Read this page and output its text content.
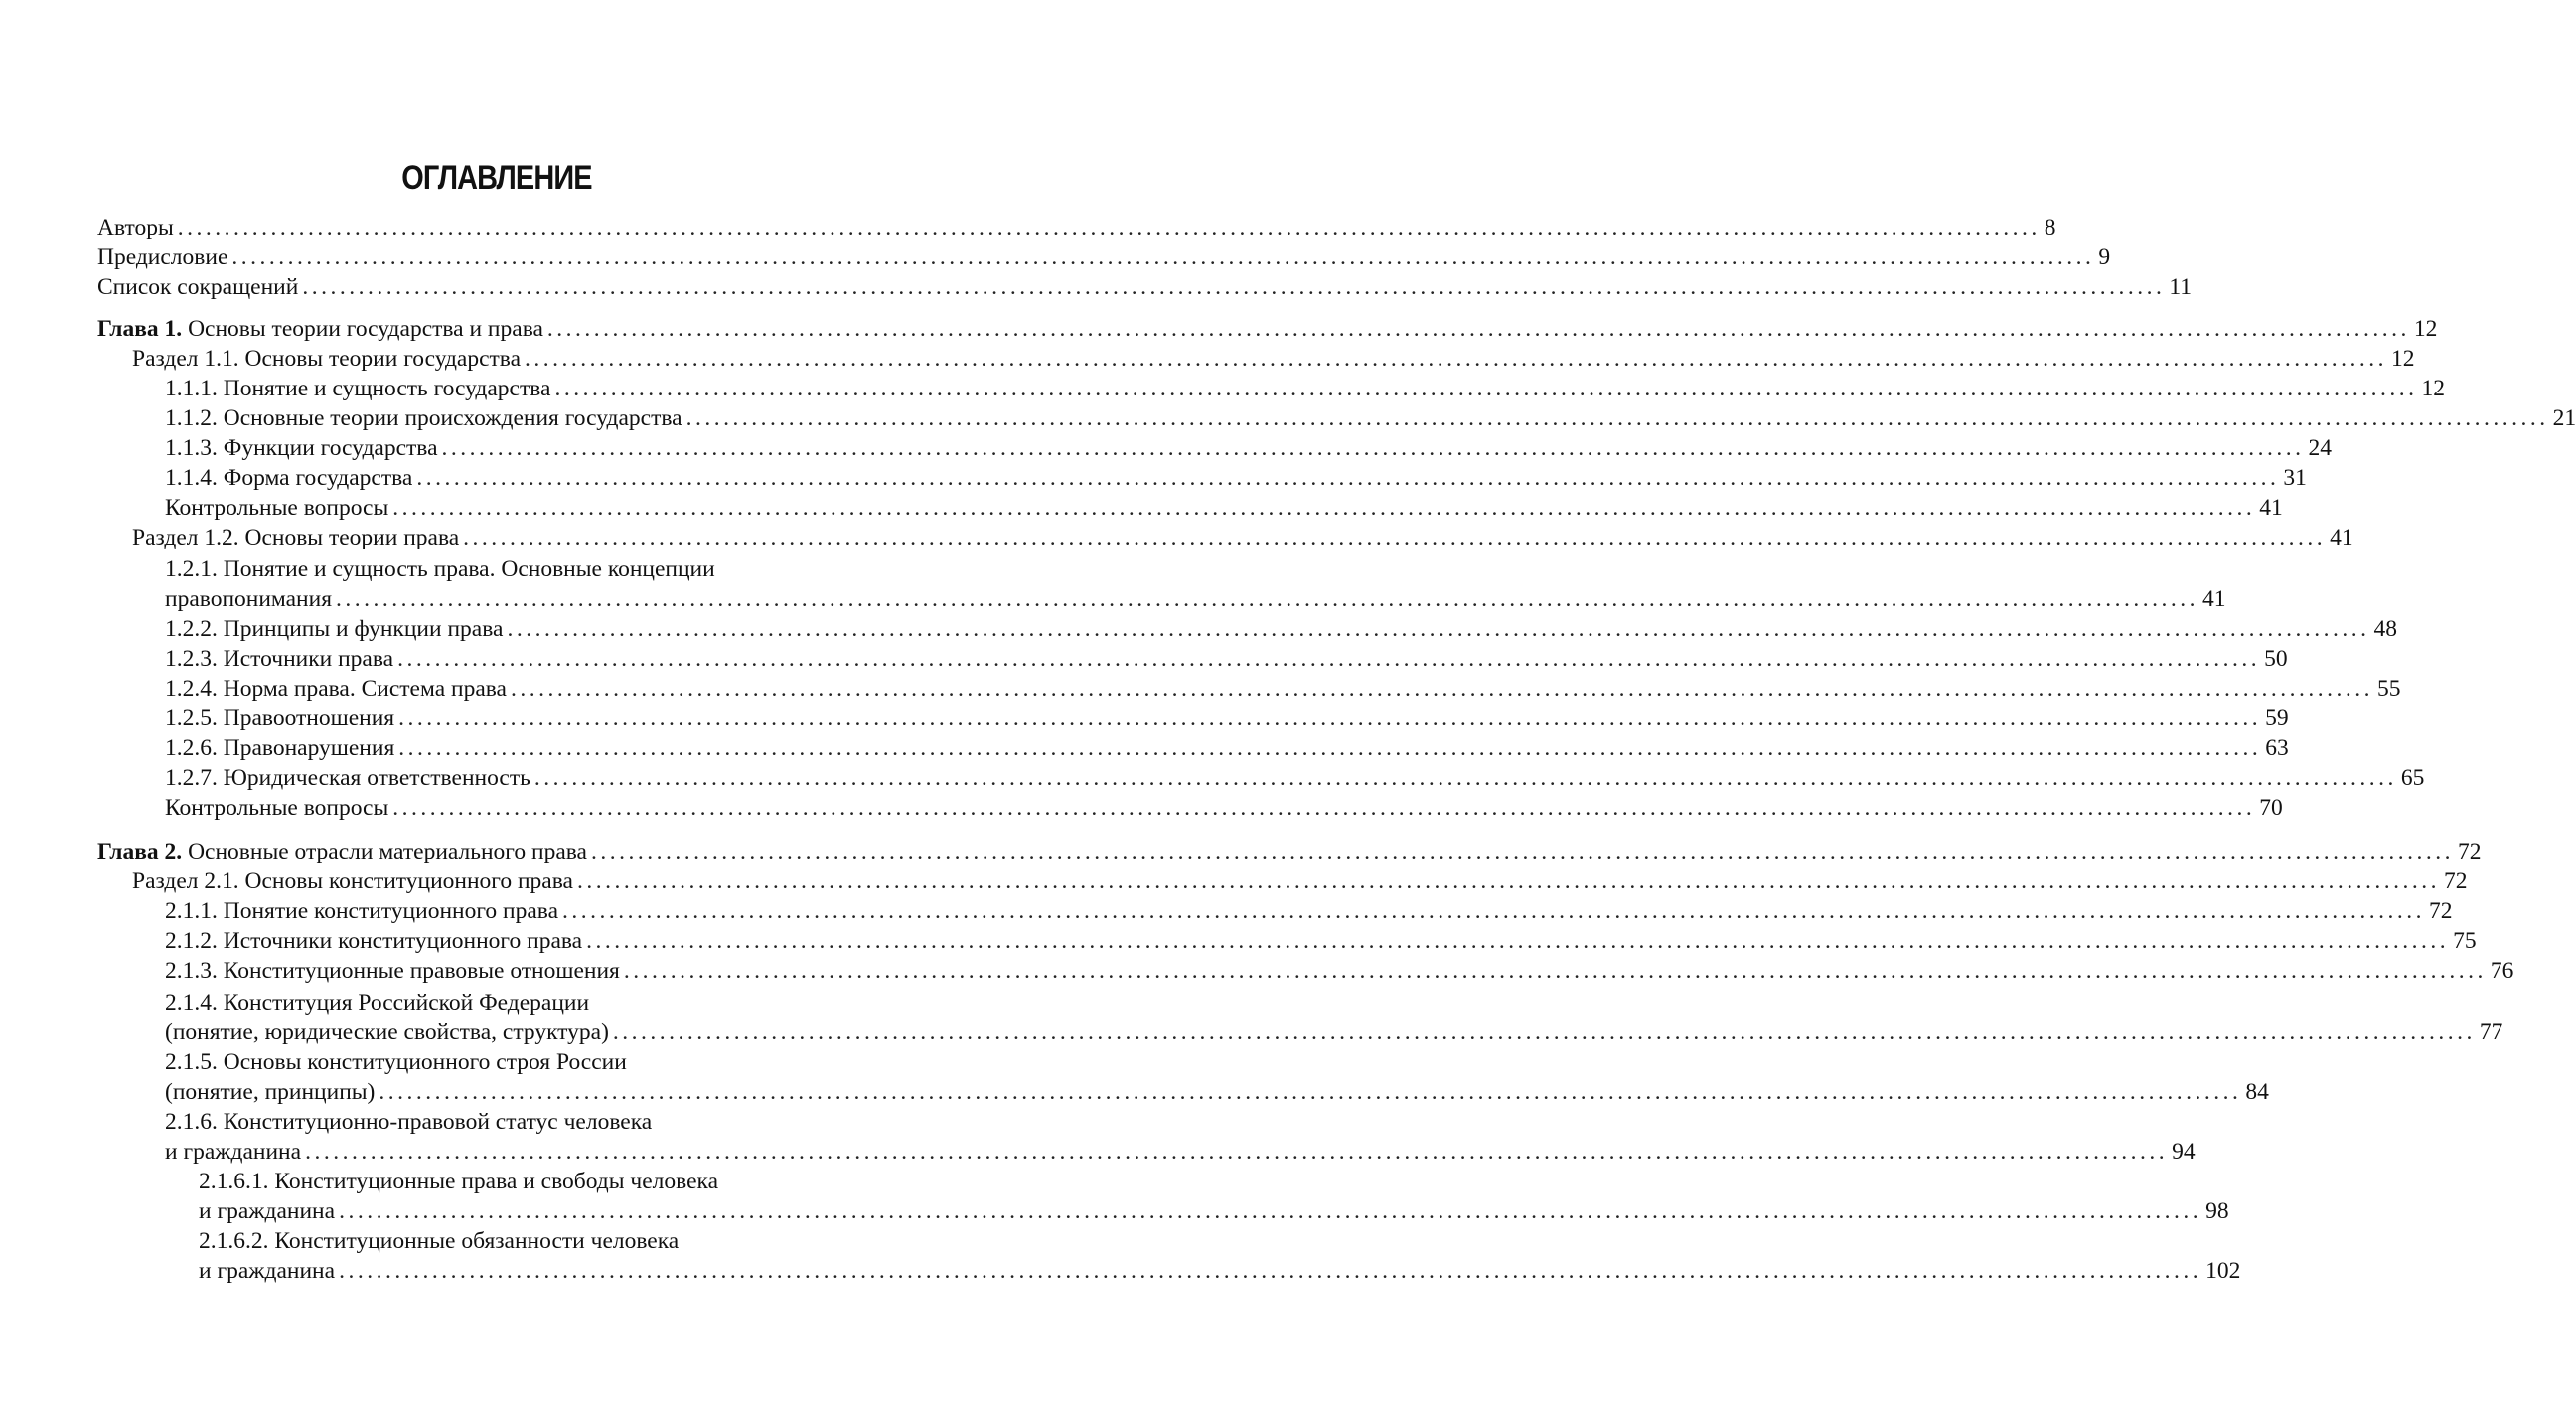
ОГЛАВЛЕНИЕ
Авторы ........................................................................................................................................................................................................ 8
Предисловие ........................................................................................................................................................................................................ 9
Список сокращений ........................................................................................................................................................................................................ 11
Глава 1. Основы теории государства и права ........................................................................................................................................................................................................ 12
Раздел 1.1. Основы теории государства ........................................................................................................................................................................................................ 12
1.1.1. Понятие и сущность государства ........................................................................................................................................................................................................ 12
1.1.2. Основные теории происхождения государства ........................................................................................................................................................................................................ 21
1.1.3. Функции государства ........................................................................................................................................................................................................ 24
1.1.4. Форма государства ........................................................................................................................................................................................................ 31
Контрольные вопросы ........................................................................................................................................................................................................ 41
Раздел 1.2. Основы теории права ........................................................................................................................................................................................................ 41
1.2.1. Понятие и сущность права. Основные концепции
правопонимания ........................................................................................................................................................................................................ 41
1.2.2. Принципы и функции права ........................................................................................................................................................................................................ 48
1.2.3. Источники права ........................................................................................................................................................................................................ 50
1.2.4. Норма права. Система права ........................................................................................................................................................................................................ 55
1.2.5. Правоотношения ........................................................................................................................................................................................................ 59
1.2.6. Правонарушения ........................................................................................................................................................................................................ 63
1.2.7. Юридическая ответственность ........................................................................................................................................................................................................ 65
Контрольные вопросы ........................................................................................................................................................................................................ 70
Глава 2. Основные отрасли материального права ........................................................................................................................................................................................................ 72
Раздел 2.1. Основы конституционного права ........................................................................................................................................................................................................ 72
2.1.1. Понятие конституционного права ........................................................................................................................................................................................................ 72
2.1.2. Источники конституционного права ........................................................................................................................................................................................................ 75
2.1.3. Конституционные правовые отношения ........................................................................................................................................................................................................ 76
2.1.4. Конституция Российской Федерации
(понятие, юридические свойства, структура) ........................................................................................................................................................................................................ 77
2.1.5. Основы конституционного строя России
(понятие, принципы) ........................................................................................................................................................................................................ 84
2.1.6. Конституционно-правовой статус человека
и гражданина ........................................................................................................................................................................................................ 94
2.1.6.1. Конституционные права и свободы человека
и гражданина ........................................................................................................................................................................................................ 98
2.1.6.2. Конституционные обязанности человека
и гражданина ........................................................................................................................................................................................................ 102
